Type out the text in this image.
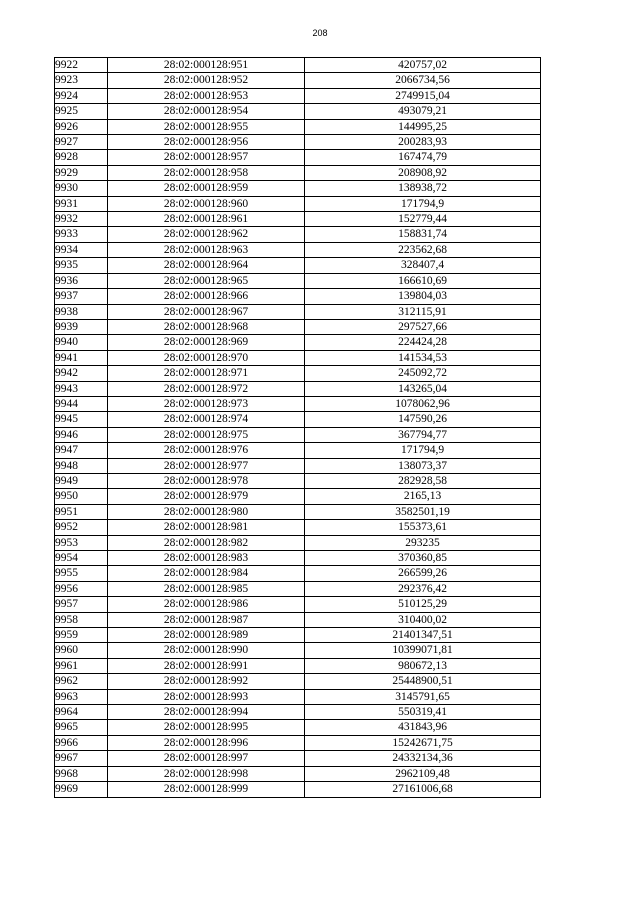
208
9922	28:02:000128:951	420757,02
9923	28:02:000128:952	2066734,56
9924	28:02:000128:953	2749915,04
9925	28:02:000128:954	493079,21
9926	28:02:000128:955	144995,25
9927	28:02:000128:956	200283,93
9928	28:02:000128:957	167474,79
9929	28:02:000128:958	208908,92
9930	28:02:000128:959	138938,72
9931	28:02:000128:960	171794,9
9932	28:02:000128:961	152779,44
9933	28:02:000128:962	158831,74
9934	28:02:000128:963	223562,68
9935	28:02:000128:964	328407,4
9936	28:02:000128:965	166610,69
9937	28:02:000128:966	139804,03
9938	28:02:000128:967	312115,91
9939	28:02:000128:968	297527,66
9940	28:02:000128:969	224424,28
9941	28:02:000128:970	141534,53
9942	28:02:000128:971	245092,72
9943	28:02:000128:972	143265,04
9944	28:02:000128:973	1078062,96
9945	28:02:000128:974	147590,26
9946	28:02:000128:975	367794,77
9947	28:02:000128:976	171794,9
9948	28:02:000128:977	138073,37
9949	28:02:000128:978	282928,58
9950	28:02:000128:979	2165,13
9951	28:02:000128:980	3582501,19
9952	28:02:000128:981	155373,61
9953	28:02:000128:982	293235
9954	28:02:000128:983	370360,85
9955	28:02:000128:984	266599,26
9956	28:02:000128:985	292376,42
9957	28:02:000128:986	510125,29
9958	28:02:000128:987	310400,02
9959	28:02:000128:989	21401347,51
9960	28:02:000128:990	10399071,81
9961	28:02:000128:991	980672,13
9962	28:02:000128:992	25448900,51
9963	28:02:000128:993	3145791,65
9964	28:02:000128:994	550319,41
9965	28:02:000128:995	431843,96
9966	28:02:000128:996	15242671,75
9967	28:02:000128:997	24332134,36
9968	28:02:000128:998	2962109,48
9969	28:02:000128:999	27161006,68
